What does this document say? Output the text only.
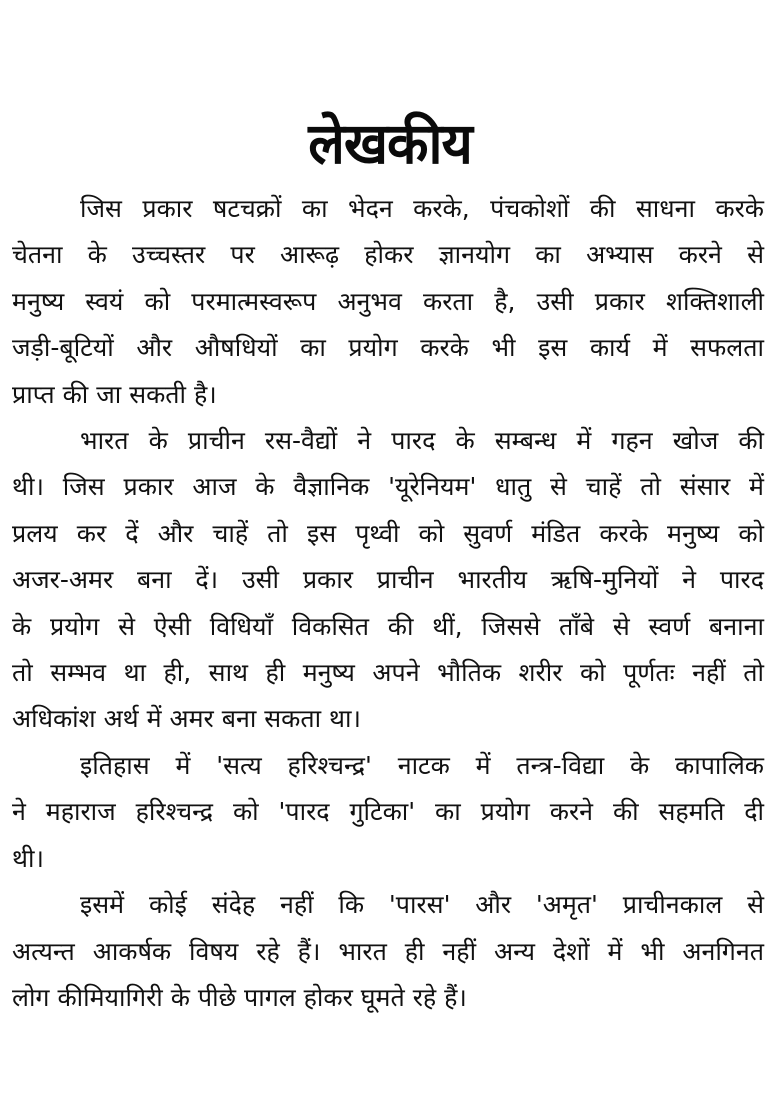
लेखकीय
जिस प्रकार षटचक्रों का भेदन करके, पंचकोशों की साधना करके
चेतना के उच्चस्तर पर आरूढ़ होकर ज्ञानयोग का अभ्यास करने से
मनुष्य स्वयं को परमात्मस्वरूप अनुभव करता है, उसी प्रकार शक्तिशाली
जड़ी-बूटियों और औषधियों का प्रयोग करके भी इस कार्य में सफलता
प्राप्त की जा सकती है।
भारत के प्राचीन रस-वैद्यों ने पारद के सम्बन्ध में गहन खोज की
थी। जिस प्रकार आज के वैज्ञानिक 'यूरेनियम' धातु से चाहें तो संसार में
प्रलय कर दें और चाहें तो इस पृथ्वी को सुवर्ण मंडित करके मनुष्य को
अजर-अमर बना दें। उसी प्रकार प्राचीन भारतीय ऋषि-मुनियों ने पारद
के प्रयोग से ऐसी विधियाँ विकसित की थीं, जिससे ताँबे से स्वर्ण बनाना
तो सम्भव था ही, साथ ही मनुष्य अपने भौतिक शरीर को पूर्णतः नहीं तो
अधिकांश अर्थ में अमर बना सकता था।
इतिहास में 'सत्य हरिश्चन्द्र' नाटक में तन्त्र-विद्या के कापालिक
ने महाराज हरिश्चन्द्र को 'पारद गुटिका' का प्रयोग करने की सहमति दी
थी।
इसमें कोई संदेह नहीं कि 'पारस' और 'अमृत' प्राचीनकाल से
अत्यन्त आकर्षक विषय रहे हैं। भारत ही नहीं अन्य देशों में भी अनगिनत
लोग कीमियागिरी के पीछे पागल होकर घूमते रहे हैं।
